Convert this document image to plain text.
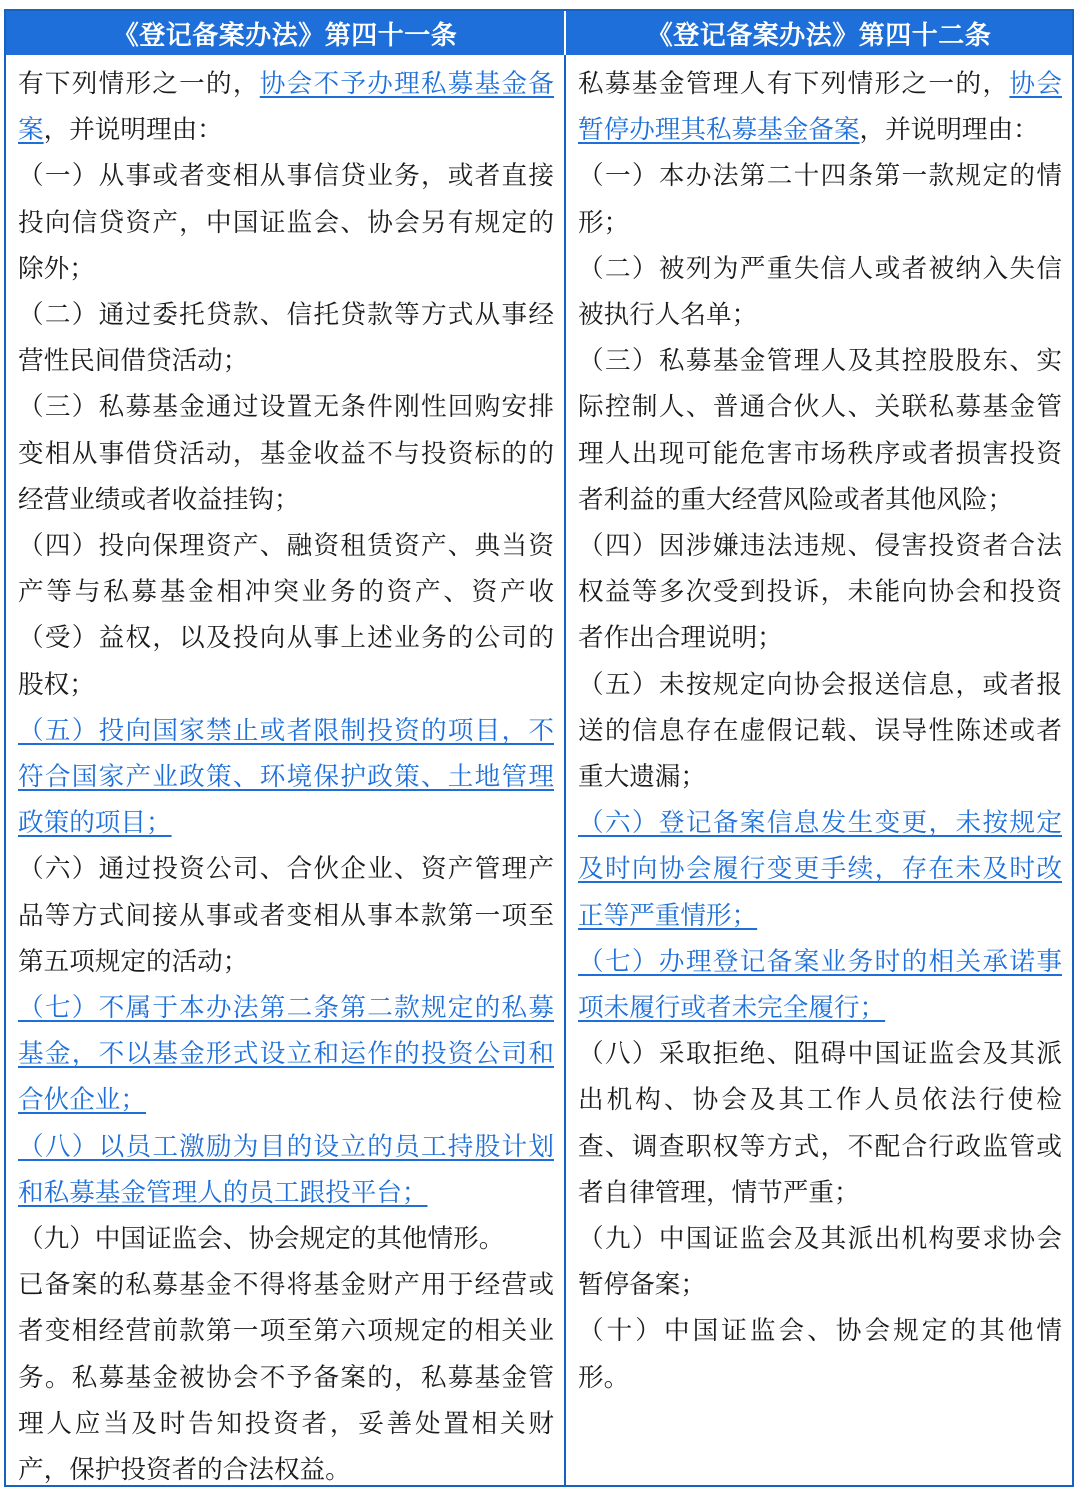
《登记备案办法》第四十一条	《登记备案办法》第四十二条

有下列情形之一的，协会不予办理私募基金备案，并说明理由：

（一）从事或者变相从事信贷业务，或者直接投向信贷资产，中国证监会、协会另有规定的除外；

（二）通过委托贷款、信托贷款等方式从事经营性民间借贷活动；

（三）私募基金通过设置无条件刚性回购安排变相从事借贷活动，基金收益不与投资标的的经营业绩或者收益挂钩；

（四）投向保理资产、融资租赁资产、典当资产等与私募基金相冲突业务的资产、资产收（受）益权，以及投向从事上述业务的公司的股权；

（五）投向国家禁止或者限制投资的项目，不符合国家产业政策、环境保护政策、土地管理政策的项目；

（六）通过投资公司、合伙企业、资产管理产品等方式间接从事或者变相从事本款第一项至第五项规定的活动；

（七）不属于本办法第二条第二款规定的私募基金，不以基金形式设立和运作的投资公司和合伙企业；

（八）以员工激励为目的设立的员工持股计划和私募基金管理人的员工跟投平台；

（九）中国证监会、协会规定的其他情形。

已备案的私募基金不得将基金财产用于经营或者变相经营前款第一项至第六项规定的相关业务。私募基金被协会不予备案的，私募基金管理人应当及时告知投资者，妥善处置相关财产，保护投资者的合法权益。

私募基金管理人有下列情形之一的，协会暂停办理其私募基金备案，并说明理由：

（一）本办法第二十四条第一款规定的情形；

（二）被列为严重失信人或者被纳入失信被执行人名单；

（三）私募基金管理人及其控股股东、实际控制人、普通合伙人、关联私募基金管理人出现可能危害市场秩序或者损害投资者利益的重大经营风险或者其他风险；

（四）因涉嫌违法违规、侵害投资者合法权益等多次受到投诉，未能向协会和投资者作出合理说明；

（五）未按规定向协会报送信息，或者报送的信息存在虚假记载、误导性陈述或者重大遗漏；

（六）登记备案信息发生变更，未按规定及时向协会履行变更手续，存在未及时改正等严重情形；

（七）办理登记备案业务时的相关承诺事项未履行或者未完全履行；

（八）采取拒绝、阻碍中国证监会及其派出机构、协会及其工作人员依法行使检查、调查职权等方式，不配合行政监管或者自律管理，情节严重；

（九）中国证监会及其派出机构要求协会暂停备案；

（十）中国证监会、协会规定的其他情形。
